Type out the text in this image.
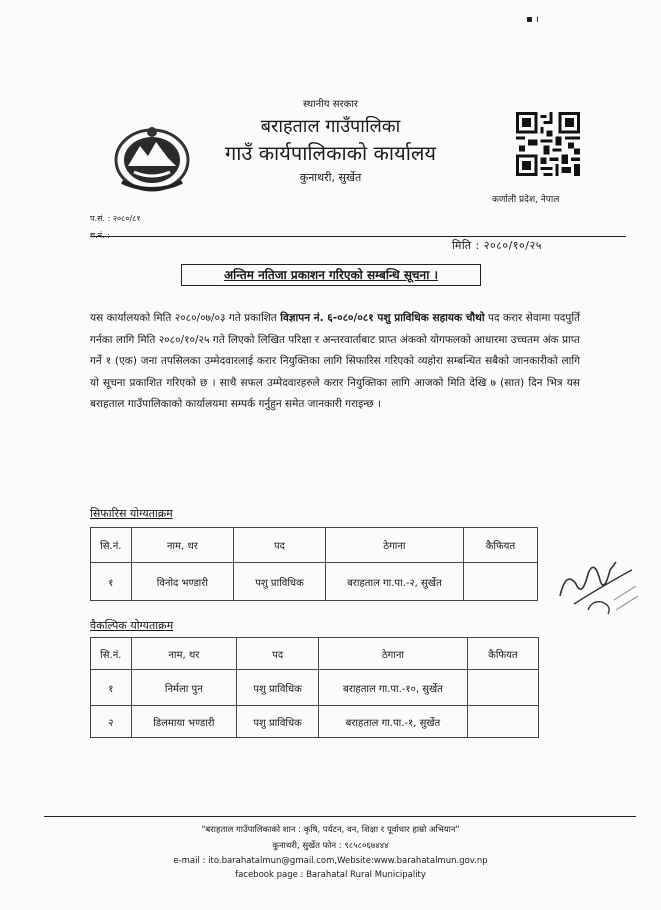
▪ ı
स्थानीय सरकार
बराहताल गाउँपालिका
गाउँ कार्यपालिकाको कार्यालय
कुनाथरी, सुर्खेत
कर्णाली प्रदेश, नेपाल
प.सं. : २०८०/८१
च.नं. :
मिति : २०८०/१०/२५
अन्तिम नतिजा प्रकाशन गरिएको सम्बन्धि सूचना ।
यस कार्यालयको मिति २०८०/०७/०३ गते प्रकाशित विज्ञापन नं. ६-०८०/०८१ पशु प्राविधिक सहायक चौथो पद करार सेवामा पदपुर्ति गर्नका लागि मिति २०८०/१०/२५ गते लिएको लिखित परिक्षा र अन्तरवार्ताबाट प्राप्त अंकको योगफलको आधारमा उच्चतम अंक प्राप्त गर्ने १ (एक) जना तपसिलका उम्मेदवारलाई करार नियुक्तिका लागि सिफारिस गरिएको व्यहोरा सम्बन्धित सबैको जानकारीको लागि यो सूचना प्रकाशित गरिएको छ । साथै सफल उम्मेदवारहरुले करार नियुक्तिका लागि आजको मिति देखि ७ (सात) दिन भित्र यस बराहताल गाउँपालिकाको कार्यालयमा सम्पर्क गर्नुहुन समेत जानकारी गराइन्छ ।
सिफारिस योग्यताक्रम
सि.नं.	नाम, थर	पद	ठेगाना	कैफियत
१	विनोद भण्डारी	पशु प्राविधिक	बराहताल गा.पा.-२, सुर्खेत	
वैकल्पिक योग्यताक्रम
सि.नं.	नाम, थर	पद	ठेगाना	कैफियत
१	निर्मला पुन	पशु प्राविधिक	बराहताल गा.पा.-१०, सुर्खेत	
२	डिलमाया भण्डारी	पशु प्राविधिक	बराहताल गा.पा.-१, सुर्खेत	
"बराहताल गाउँपालिकाको शान : कृषि, पर्यटन, वन, शिक्षा र पूर्वाधार हाम्रो अभियान"
कुनाथरी, सुर्खेत फोन : ९८५८०६७४४४
e-mail : ito.barahatalmun@gmail.com,Website:www.barahatalmun.gov.np
facebook page : Barahatal Rural Municipality
